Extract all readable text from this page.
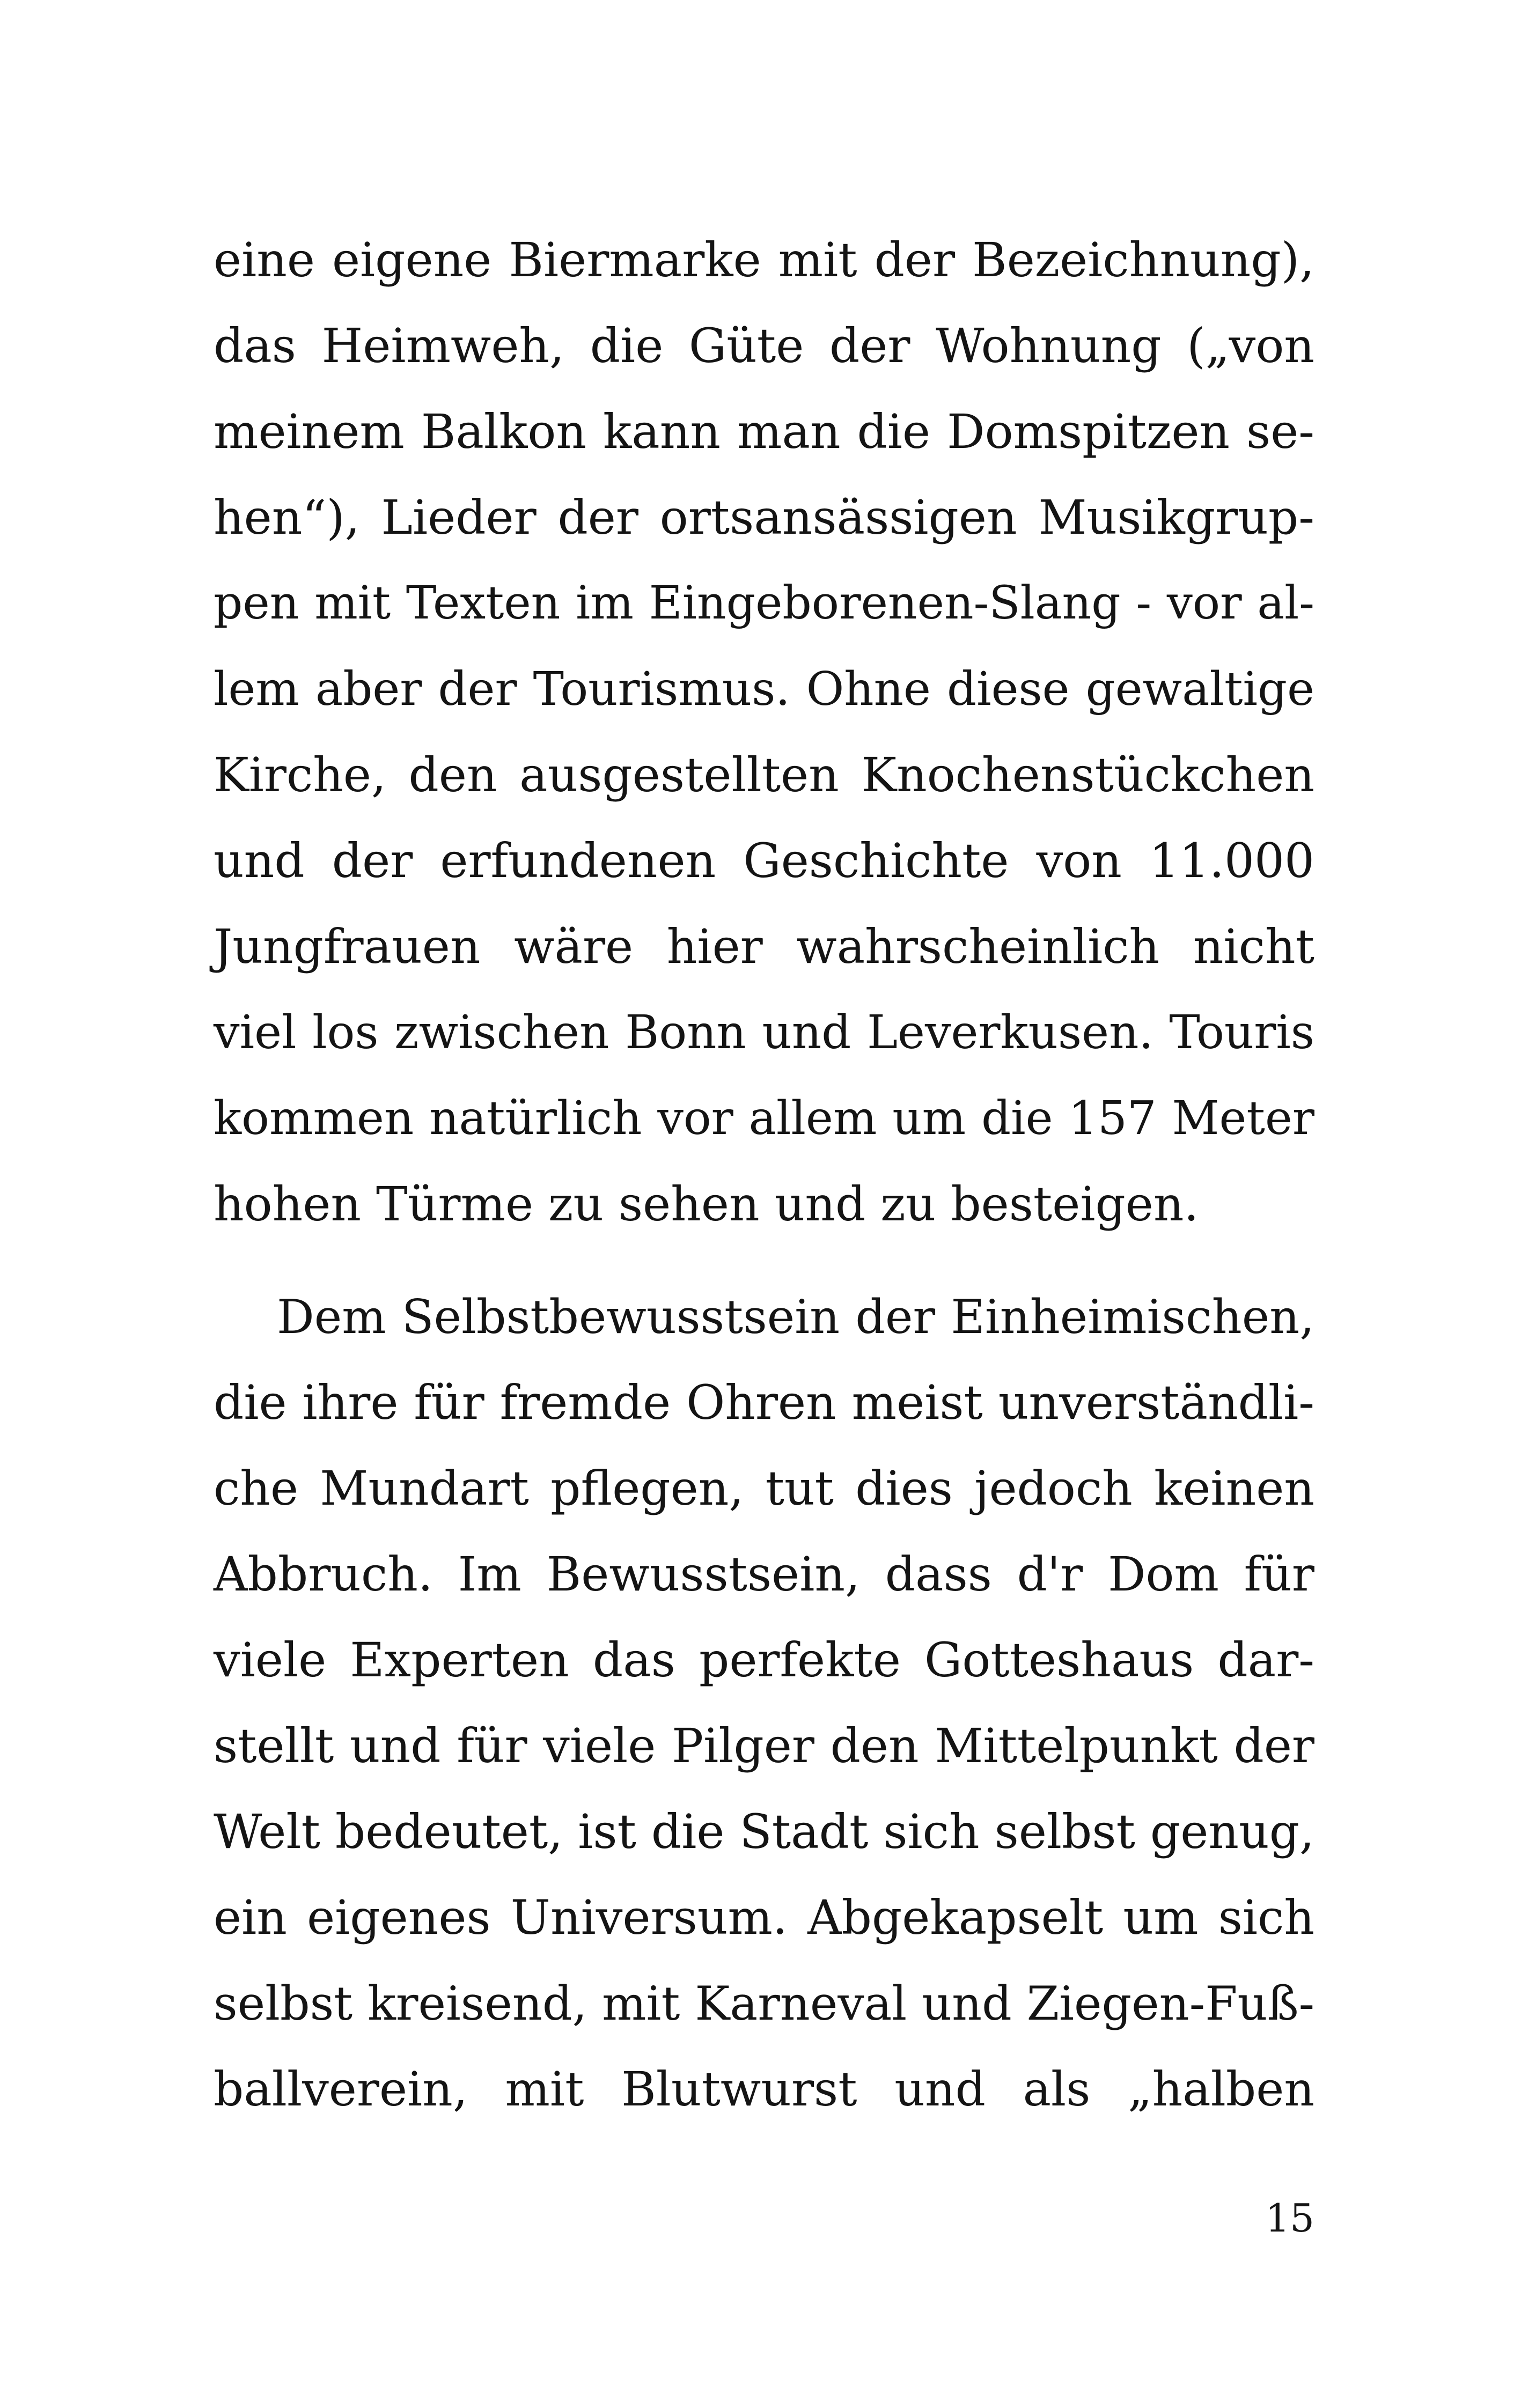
eine eigene Biermarke mit der Bezeichnung),
das Heimweh, die Güte der Wohnung („von
meinem Balkon kann man die Domspitzen se-
hen“), Lieder der ortsansässigen Musikgrup-
pen mit Texten im Eingeborenen-Slang - vor al-
lem aber der Tourismus. Ohne diese gewaltige
Kirche, den ausgestellten Knochenstückchen
und der erfundenen Geschichte von 11.000
Jungfrauen wäre hier wahrscheinlich nicht
viel los zwischen Bonn und Leverkusen. Touris
kommen natürlich vor allem um die 157 Meter
hohen Türme zu sehen und zu besteigen.
Dem Selbstbewusstsein der Einheimischen,
die ihre für fremde Ohren meist unverständli-
che Mundart pflegen, tut dies jedoch keinen
Abbruch. Im Bewusstsein, dass d'r Dom für
viele Experten das perfekte Gotteshaus dar-
stellt und für viele Pilger den Mittelpunkt der
Welt bedeutet, ist die Stadt sich selbst genug,
ein eigenes Universum. Abgekapselt um sich
selbst kreisend, mit Karneval und Ziegen-Fuß-
ballverein, mit Blutwurst und als „halben
15
